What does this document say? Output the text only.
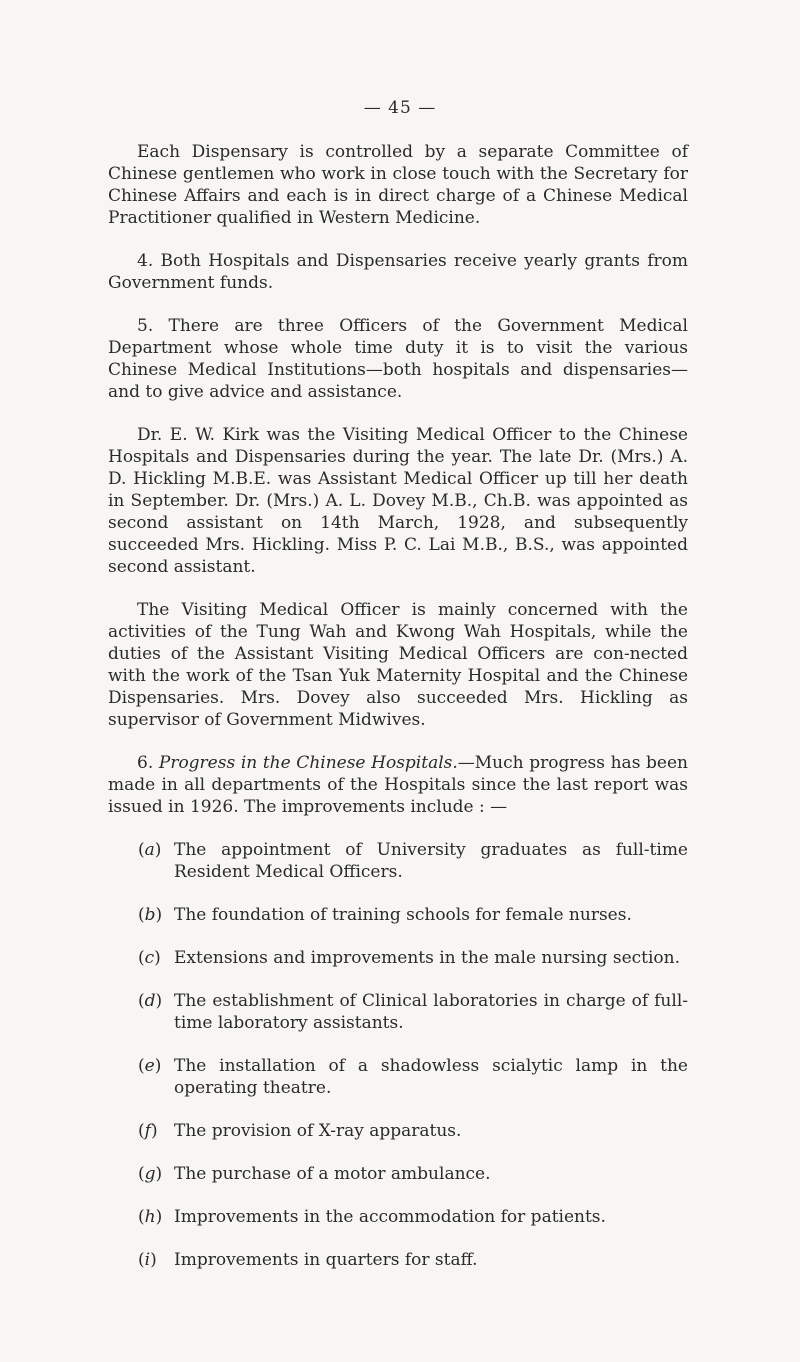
— 45 —

Each Dispensary is controlled by a separate Committee of Chinese gentlemen who work in close touch with the Secretary for Chinese Affairs and each is in direct charge of a Chinese Medical Practitioner qualified in Western Medicine.

4. Both Hospitals and Dispensaries receive yearly grants from Government funds.

5. There are three Officers of the Government Medical Department whose whole time duty it is to visit the various Chinese Medical Institutions—both hospitals and dispensaries— and to give advice and assistance.

Dr. E. W. Kirk was the Visiting Medical Officer to the Chinese Hospitals and Dispensaries during the year. The late Dr. (Mrs.) A. D. Hickling M.B.E. was Assistant Medical Officer up till her death in September. Dr. (Mrs.) A. L. Dovey M.B., Ch.B. was appointed as second assistant on 14th March, 1928, and subsequently succeeded Mrs. Hickling. Miss P. C. Lai M.B., B.S., was appointed second assistant.

The Visiting Medical Officer is mainly concerned with the activities of the Tung Wah and Kwong Wah Hospitals, while the duties of the Assistant Visiting Medical Officers are con-nected with the work of the Tsan Yuk Maternity Hospital and the Chinese Dispensaries. Mrs. Dovey also succeeded Mrs. Hickling as supervisor of Government Midwives.

6. Progress in the Chinese Hospitals.—Much progress has been made in all departments of the Hospitals since the last report was issued in 1926. The improvements include : —

(a) The appointment of University graduates as full-time Resident Medical Officers.
(b) The foundation of training schools for female nurses.
(c) Extensions and improvements in the male nursing section.
(d) The establishment of Clinical laboratories in charge of full-time laboratory assistants.
(e) The installation of a shadowless scialytic lamp in the operating theatre.
(f) The provision of X-ray apparatus.
(g) The purchase of a motor ambulance.
(h) Improvements in the accommodation for patients.
(i) Improvements in quarters for staff.
